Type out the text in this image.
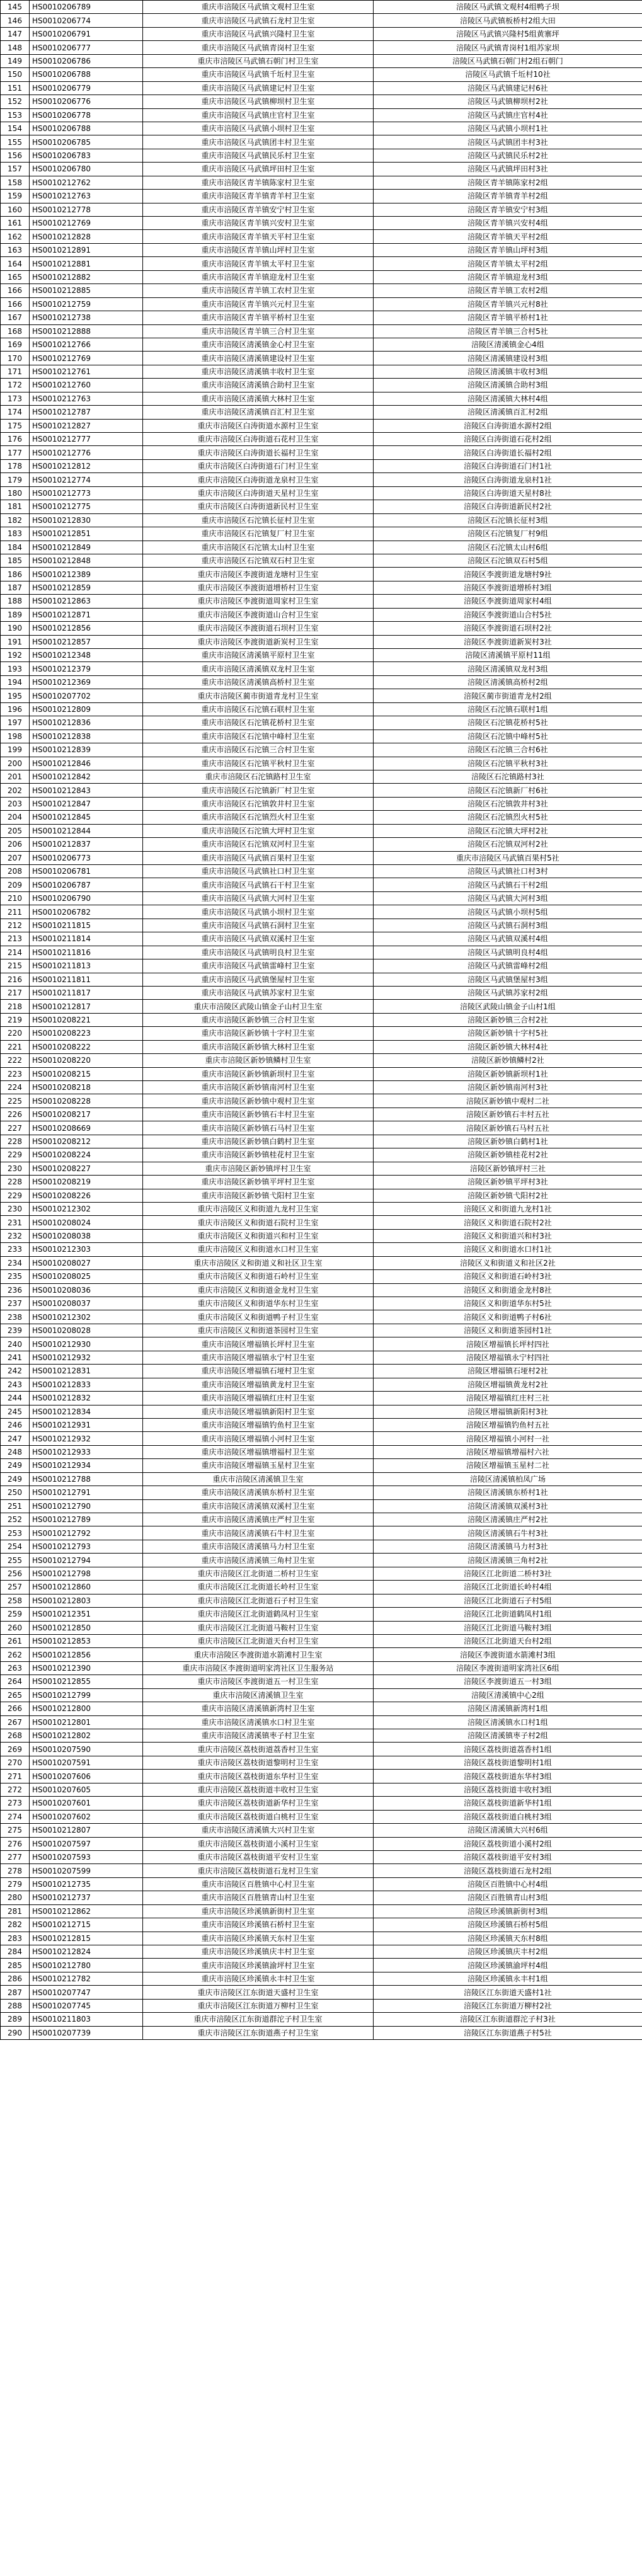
145	HS0010206789	重庆市涪陵区马武镇文观村卫生室	涪陵区马武镇文观村4组鸭子坝
146	HS0010206774	重庆市涪陵区马武镇石龙村卫生室	涪陵区马武镇板桥村2组大田
147	HS0010206791	重庆市涪陵区马武镇兴隆村卫生室	涪陵区马武镇兴隆村5组黄寨坪
148	HS0010206777	重庆市涪陵区马武镇青岗村卫生室	涪陵区马武镇青岗村1组苏家坝
149	HS0010206786	重庆市涪陵区马武镇石朝门村卫生室	涪陵区马武镇石朝门村2组石朝门
150	HS0010206788	重庆市涪陵区马武镇千坵村卫生室	涪陵区马武镇千坵村10社
151	HS0010206779	重庆市涪陵区马武镇建记村卫生室	涪陵区马武镇建记村6社
152	HS0010206776	重庆市涪陵区马武镇柳坝村卫生室	涪陵区马武镇柳坝村2社
153	HS0010206778	重庆市涪陵区马武镇庄官村卫生室	涪陵区马武镇庄官村4社
154	HS0010206788	重庆市涪陵区马武镇小坝村卫生室	涪陵区马武镇小坝村1社
155	HS0010206785	重庆市涪陵区马武镇团丰村卫生室	涪陵区马武镇团丰村3社
156	HS0010206783	重庆市涪陵区马武镇民乐村卫生室	涪陵区马武镇民乐村2社
157	HS0010206780	重庆市涪陵区马武镇坪田村卫生室	涪陵区马武镇坪田村3社
158	HS0010212762	重庆市涪陵区青羊镇陈家村卫生室	涪陵区青羊镇陈家村2组
159	HS0010212763	重庆市涪陵区青羊镇青羊村卫生室	涪陵区青羊镇青羊村2组
160	HS0010212778	重庆市涪陵区青羊镇安宁村卫生室	涪陵区青羊镇安宁村3组
161	HS0010212769	重庆市涪陵区青羊镇兴安村卫生室	涪陵区青羊镇兴安村4组
162	HS0010212828	重庆市涪陵区青羊镇天平村卫生室	涪陵区青羊镇天平村2组
163	HS0010212891	重庆市涪陵区青羊镇山坪村卫生室	涪陵区青羊镇山坪村3组
164	HS0010212881	重庆市涪陵区青羊镇太平村卫生室	涪陵区青羊镇太平村2组
165	HS0010212882	重庆市涪陵区青羊镇迎龙村卫生室	涪陵区青羊镇迎龙村3组
166	HS0010212885	重庆市涪陵区青羊镇工农村卫生室	涪陵区青羊镇工农村2组
166	HS0010212759	重庆市涪陵区青羊镇兴元村卫生室	涪陵区青羊镇兴元村8社
167	HS0010212738	重庆市涪陵区青羊镇平桥村卫生室	涪陵区青羊镇平桥村1社
168	HS0010212888	重庆市涪陵区青羊镇三合村卫生室	涪陵区青羊镇三合村5社
169	HS0010212766	重庆市涪陵区清溪镇金心村卫生室	涪陵区清溪镇金心4组
170	HS0010212769	重庆市涪陵区清溪镇建设村卫生室	涪陵区清溪镇建设村3组
171	HS0010212761	重庆市涪陵区清溪镇丰收村卫生室	涪陵区清溪镇丰收村3组
172	HS0010212760	重庆市涪陵区清溪镇合助村卫生室	涪陵区清溪镇合助村3组
173	HS0010212763	重庆市涪陵区清溪镇大林村卫生室	涪陵区清溪镇大林村4组
174	HS0010212787	重庆市涪陵区清溪镇百汇村卫生室	涪陵区清溪镇百汇村2组
175	HS0010212827	重庆市涪陵区白涛街道水源村卫生室	涪陵区白涛街道水源村2组
176	HS0010212777	重庆市涪陵区白涛街道石花村卫生室	涪陵区白涛街道石花村2组
177	HS0010212776	重庆市涪陵区白涛街道长福村卫生室	涪陵区白涛街道长福村2组
178	HS0010212812	重庆市涪陵区白涛街道石门村卫生室	涪陵区白涛街道石门村1社
179	HS0010212774	重庆市涪陵区白涛街道龙泉村卫生室	涪陵区白涛街道龙泉村1社
180	HS0010212773	重庆市涪陵区白涛街道天星村卫生室	涪陵区白涛街道天星村8社
181	HS0010212775	重庆市涪陵区白涛街道新民村卫生室	涪陵区白涛街道新民村2社
182	HS0010212830	重庆市涪陵区石沱镇长征村卫生室	涪陵区石沱镇长征村3组
183	HS0010212851	重庆市涪陵区石沱镇复厂村卫生室	涪陵区石沱镇复厂村9组
184	HS0010212849	重庆市涪陵区石沱镇太山村卫生室	涪陵区石沱镇太山村6组
185	HS0010212848	重庆市涪陵区石沱镇双石村卫生室	涪陵区石沱镇双石村5组
186	HS0010212389	重庆市涪陵区李渡街道龙塘村卫生室	涪陵区李渡街道龙塘村9社
187	HS0010212859	重庆市涪陵区李渡街道增桥村卫生室	涪陵区李渡街道增桥村3组
188	HS0010212863	重庆市涪陵区李渡街道周家村卫生室	涪陵区李渡街道周家村4组
189	HS0010212871	重庆市涪陵区李渡街道山合村卫生室	涪陵区李渡街道山合村5社
190	HS0010212856	重庆市涪陵区李渡街道石坝村卫生室	涪陵区李渡街道石坝村2社
191	HS0010212857	重庆市涪陵区李渡街道新炭村卫生室	涪陵区李渡街道新炭村3社
192	HS0010212348	重庆市涪陵区清溪镇平原村卫生室	涪陵区清溪镇平原村11组
193	HS0010212379	重庆市涪陵区清溪镇双龙村卫生室	涪陵区清溪镇双龙村3组
194	HS0010212369	重庆市涪陵区清溪镇高桥村卫生室	涪陵区清溪镇高桥村2组
195	HS0010207702	重庆市涪陵区蔺市街道青龙村卫生室	涪陵区蔺市街道青龙村2组
196	HS0010212809	重庆市涪陵区石沱镇石联村卫生室	涪陵区石沱镇石联村1组
197	HS0010212836	重庆市涪陵区石沱镇花桥村卫生室	涪陵区石沱镇花桥村5社
198	HS0010212838	重庆市涪陵区石沱镇中峰村卫生室	涪陵区石沱镇中峰村5社
199	HS0010212839	重庆市涪陵区石沱镇三合村卫生室	涪陵区石沱镇三合村6社
200	HS0010212846	重庆市涪陵区石沱镇平秋村卫生室	涪陵区石沱镇平秋村3社
201	HS0010212842	重庆市涪陵区石沱镇路村卫生室	涪陵区石沱镇路村3社
202	HS0010212843	重庆市涪陵区石沱镇新厂村卫生室	涪陵区石沱镇新厂村6社
203	HS0010212847	重庆市涪陵区石沱镇敦井村卫生室	涪陵区石沱镇敦井村3社
204	HS0010212845	重庆市涪陵区石沱镇烈火村卫生室	涪陵区石沱镇烈火村5社
205	HS0010212844	重庆市涪陵区石沱镇大坪村卫生室	涪陵区石沱镇大坪村2社
206	HS0010212837	重庆市涪陵区石沱镇双河村卫生室	涪陵区石沱镇双河村2社
207	HS0010206773	重庆市涪陵区马武镇百果村卫生室	重庆市涪陵区马武镇百果村5社
208	HS0010206781	重庆市涪陵区马武镇社口村卫生室	涪陵区马武镇社口村3村
209	HS0010206787	重庆市涪陵区马武镇石干村卫生室	涪陵区马武镇石干村2组
210	HS0010206790	重庆市涪陵区马武镇大河村卫生室	涪陵区马武镇大河村3组
211	HS0010206782	重庆市涪陵区马武镇小坝村卫生室	涪陵区马武镇小坝村5组
212	HS0010211815	重庆市涪陵区马武镇石洞村卫生室	涪陵区马武镇石洞村3组
213	HS0010211814	重庆市涪陵区马武镇双溪村卫生室	涪陵区马武镇双溪村4组
214	HS0010211816	重庆市涪陵区马武镇明良村卫生室	涪陵区马武镇明良村4组
215	HS0010211813	重庆市涪陵区马武镇雷峰村卫生室	涪陵区马武镇雷峰村2组
216	HS0010211811	重庆市涪陵区马武镇堡屋村卫生室	涪陵区马武镇堡屋村3组
217	HS0010211817	重庆市涪陵区马武镇苏家村卫生室	涪陵区马武镇苏家村2组
218	HS0010212817	重庆市涪陵区武陵山镇金子山村卫生室	涪陵区武陵山镇金子山村1组
219	HS0010208221	重庆市涪陵区新妙镇三合村卫生室	涪陵区新妙镇三合村2社
220	HS0010208223	重庆市涪陵区新妙镇十字村卫生室	涪陵区新妙镇十字村5社
221	HS0010208222	重庆市涪陵区新妙镇大林村卫生室	涪陵区新妙镇大林村4社
222	HS0010208220	重庆市涪陵区新妙镇鳞村卫生室	涪陵区新妙镇鳞村2社
223	HS0010208215	重庆市涪陵区新妙镇新坝村卫生室	涪陵区新妙镇新坝村1社
224	HS0010208218	重庆市涪陵区新妙镇南河村卫生室	涪陵区新妙镇南河村3社
225	HS0010208228	重庆市涪陵区新妙镇中观村卫生室	涪陵区新妙镇中观村二社
226	HS0010208217	重庆市涪陵区新妙镇石丰村卫生室	涪陵区新妙镇石丰村五社
227	HS0010208669	重庆市涪陵区新妙镇石马村卫生室	涪陵区新妙镇石马村五社
228	HS0010208212	重庆市涪陵区新妙镇白鹤村卫生室	涪陵区新妙镇白鹤村1社
229	HS0010208224	重庆市涪陵区新妙镇桂花村卫生室	涪陵区新妙镇桂花村2社
230	HS0010208227	重庆市涪陵区新妙镇坪村卫生室	涪陵区新妙镇坪村三社
228	HS0010208219	重庆市涪陵区新妙镇平坪村卫生室	涪陵区新妙镇平坪村3社
229	HS0010208226	重庆市涪陵区新妙镇弋阳村卫生室	涪陵区新妙镇弋阳村2社
230	HS0010212302	重庆市涪陵区义和街道九龙村卫生室	涪陵区义和街道九龙村1社
231	HS0010208024	重庆市涪陵区义和街道石院村卫生室	涪陵区义和街道石院村2社
232	HS0010208038	重庆市涪陵区义和街道兴和村卫生室	涪陵区义和街道兴和村3社
233	HS0010212303	重庆市涪陵区义和街道水口村卫生室	涪陵区义和街道水口村1社
234	HS0010208027	重庆市涪陵区义和街道义和社区卫生室	涪陵区义和街道义和社区2社
235	HS0010208025	重庆市涪陵区义和街道石岭村卫生室	涪陵区义和街道石岭村3社
236	HS0010208036	重庆市涪陵区义和街道金龙村卫生室	涪陵区义和街道金龙村8社
237	HS0010208037	重庆市涪陵区义和街道华东村卫生室	涪陵区义和街道华东村5社
238	HS0010212302	重庆市涪陵区义和街道鸭子村卫生室	涪陵区义和街道鸭子村6社
239	HS0010208028	重庆市涪陵区义和街道茶园村卫生室	涪陵区义和街道茶园村1社
240	HS0010212930	重庆市涪陵区增福镇长坪村卫生室	涪陵区增福镇长坪村四社
241	HS0010212932	重庆市涪陵区增福镇永宁村卫生室	涪陵区增福镇永宁村四社
242	HS0010212831	重庆市涪陵区增福镇石垭村卫生室	涪陵区增福镇石垭村2社
243	HS0010212833	重庆市涪陵区增福镇黄龙村卫生室	涪陵区增福镇黄龙村2社
244	HS0010212832	重庆市涪陵区增福镇红庄村卫生室	涪陵区增福镇红庄村三社
245	HS0010212834	重庆市涪陵区增福镇新阳村卫生室	涪陵区增福镇新阳村3社
246	HS0010212931	重庆市涪陵区增福镇钓鱼村卫生室	涪陵区增福镇钓鱼村五社
247	HS0010212932	重庆市涪陵区增福镇小河村卫生室	涪陵区增福镇小河村一社
248	HS0010212933	重庆市涪陵区增福镇增福村卫生室	涪陵区增福镇增福村六社
249	HS0010212934	重庆市涪陵区增福镇玉星村卫生室	涪陵区增福镇玉星村二社
249	HS0010212788	重庆市涪陵区清溪镇卫生室	涪陵区清溪镇柏凤广场
250	HS0010212791	重庆市涪陵区清溪镇东桥村卫生室	涪陵区清溪镇东桥村1社
251	HS0010212790	重庆市涪陵区清溪镇双溪村卫生室	涪陵区清溪镇双溪村3社
252	HS0010212789	重庆市涪陵区清溪镇庄严村卫生室	涪陵区清溪镇庄严村2社
253	HS0010212792	重庆市涪陵区清溪镇石牛村卫生室	涪陵区清溪镇石牛村3社
254	HS0010212793	重庆市涪陵区清溪镇马力村卫生室	涪陵区清溪镇马力村3社
255	HS0010212794	重庆市涪陵区清溪镇三角村卫生室	涪陵区清溪镇三角村2社
256	HS0010212798	重庆市涪陵区江北街道二桥村卫生室	涪陵区江北街道二桥村3社
257	HS0010212860	重庆市涪陵区江北街道长岭村卫生室	涪陵区江北街道长岭村4组
258	HS0010212803	重庆市涪陵区江北街道石子村卫生室	涪陵区江北街道石子村5组
259	HS0010212351	重庆市涪陵区江北街道鹤凤村卫生室	涪陵区江北街道鹤凤村1组
260	HS0010212850	重庆市涪陵区江北街道马鞍村卫生室	涪陵区江北街道马鞍村3组
261	HS0010212853	重庆市涪陵区江北街道天台村卫生室	涪陵区江北街道天台村2组
262	HS0010212856	重庆市涪陵区李渡街道水箭滩村卫生室	涪陵区李渡街道水箭滩村3组
263	HS0010212390	重庆市涪陵区李渡街道明家湾社区卫生服务站	涪陵区李渡街道明家湾社区6组
264	HS0010212855	重庆市涪陵区李渡街道五一村卫生室	涪陵区李渡街道五一村3组
265	HS0010212799	重庆市涪陵区清溪镇卫生室	涪陵区清溪镇中心2组
266	HS0010212800	重庆市涪陵区清溪镇新湾村卫生室	涪陵区清溪镇新湾村1组
267	HS0010212801	重庆市涪陵区清溪镇水口村卫生室	涪陵区清溪镇水口村1组
268	HS0010212802	重庆市涪陵区清溪镇枣子村卫生室	涪陵区清溪镇枣子村2组
269	HS0010207590	重庆市涪陵区荔枝街道荔香村卫生室	涪陵区荔枝街道荔香村1组
270	HS0010207591	重庆市涪陵区荔枝街道黎明村卫生室	涪陵区荔枝街道黎明村1组
271	HS0010207606	重庆市涪陵区荔枝街道东华村卫生室	涪陵区荔枝街道东华村3组
272	HS0010207605	重庆市涪陵区荔枝街道丰收村卫生室	涪陵区荔枝街道丰收村3组
273	HS0010207601	重庆市涪陵区荔枝街道新华村卫生室	涪陵区荔枝街道新华村1组
274	HS0010207602	重庆市涪陵区荔枝街道白桃村卫生室	涪陵区荔枝街道白桃村3组
275	HS0010212807	重庆市涪陵区清溪镇大兴村卫生室	涪陵区清溪镇大兴村6组
276	HS0010207597	重庆市涪陵区荔枝街道小溪村卫生室	涪陵区荔枝街道小溪村2组
277	HS0010207593	重庆市涪陵区荔枝街道平安村卫生室	涪陵区荔枝街道平安村3组
278	HS0010207599	重庆市涪陵区荔枝街道石龙村卫生室	涪陵区荔枝街道石龙村2组
279	HS0010212735	重庆市涪陵区百胜镇中心村卫生室	涪陵区百胜镇中心村4组
280	HS0010212737	重庆市涪陵区百胜镇青山村卫生室	涪陵区百胜镇青山村3组
281	HS0010212862	重庆市涪陵区珍溪镇新街村卫生室	涪陵区珍溪镇新街村3组
282	HS0010212715	重庆市涪陵区珍溪镇石桥村卫生室	涪陵区珍溪镇石桥村5组
283	HS0010212815	重庆市涪陵区珍溪镇天东村卫生室	涪陵区珍溪镇天东村8组
284	HS0010212824	重庆市涪陵区珍溪镇庆丰村卫生室	涪陵区珍溪镇庆丰村2组
285	HS0010212780	重庆市涪陵区珍溪镇渝坪村卫生室	涪陵区珍溪镇渝坪村4组
286	HS0010212782	重庆市涪陵区珍溪镇永丰村卫生室	涪陵区珍溪镇永丰村1组
287	HS0010207747	重庆市涪陵区江东街道天盛村卫生室	涪陵区江东街道天盛村1社
288	HS0010207745	重庆市涪陵区江东街道万柳村卫生室	涪陵区江东街道万柳村2社
289	HS0010211803	重庆市涪陵区江东街道群沱子村卫生室	涪陵区江东街道群沱子村3社
290	HS0010207739	重庆市涪陵区江东街道燕子村卫生室	涪陵区江东街道燕子村5社
